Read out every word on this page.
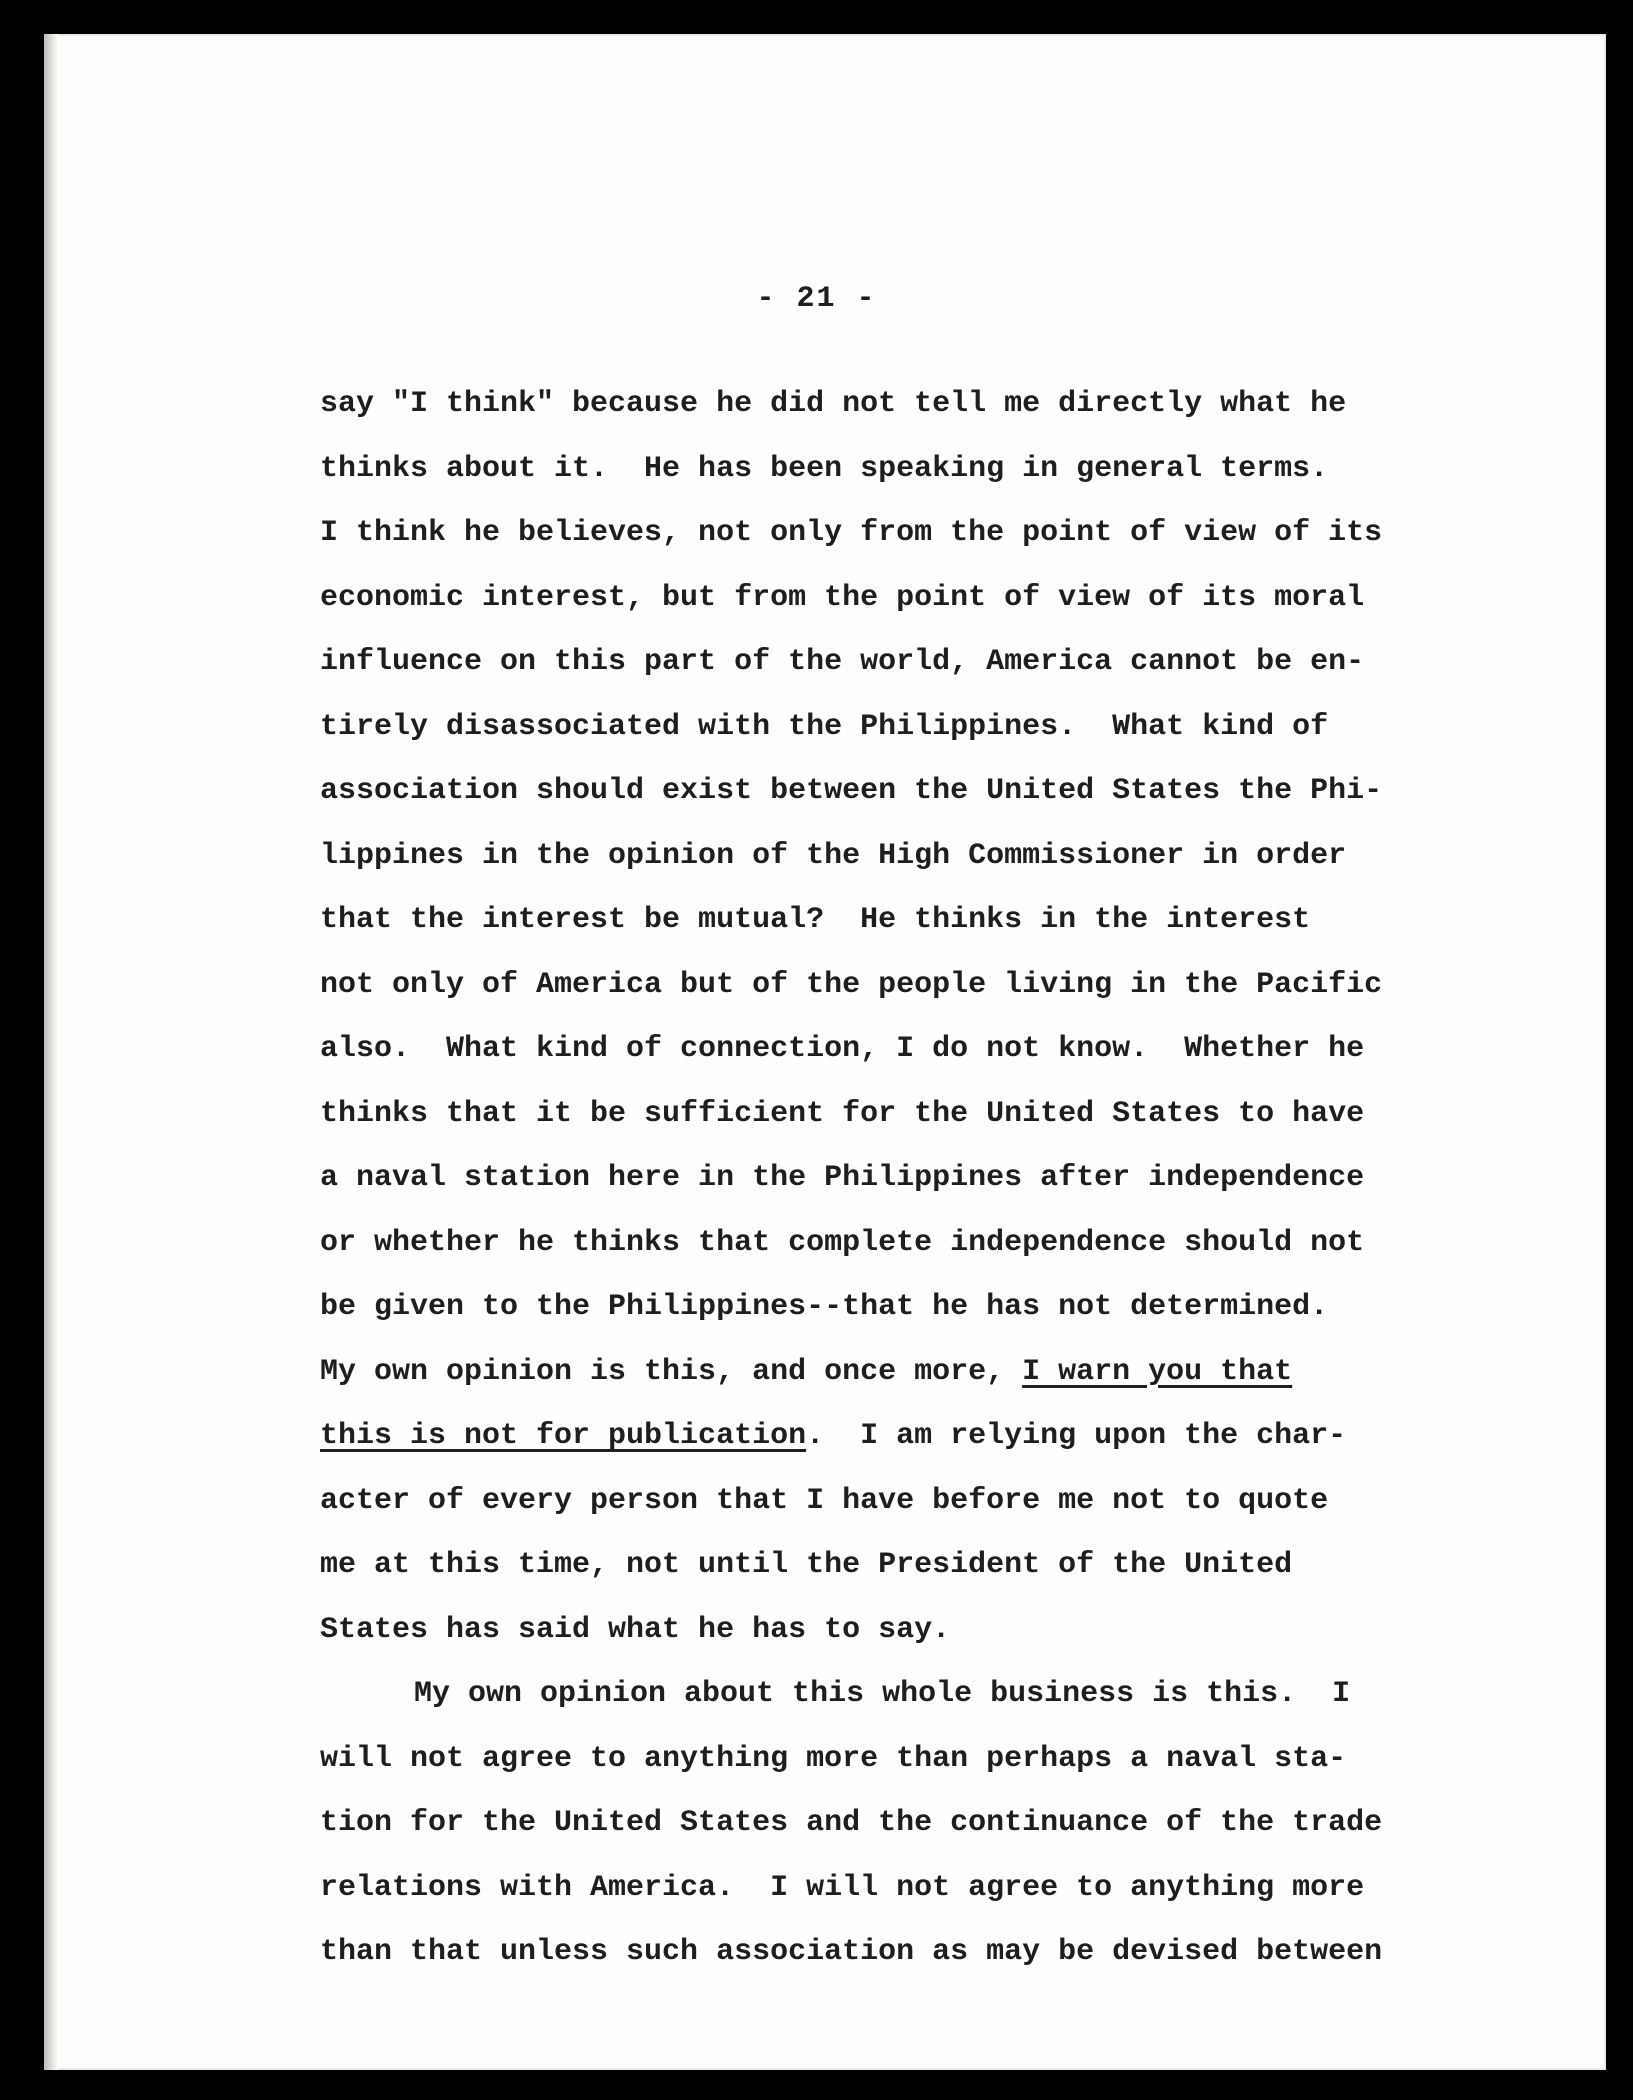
- 21 -
say "I think" because he did not tell me directly what he
thinks about it.  He has been speaking in general terms.
I think he believes, not only from the point of view of its
economic interest, but from the point of view of its moral
influence on this part of the world, America cannot be en-
tirely disassociated with the Philippines.  What kind of
association should exist between the United States the Phi-
lippines in the opinion of the High Commissioner in order
that the interest be mutual?  He thinks in the interest
not only of America but of the people living in the Pacific
also.  What kind of connection, I do not know.  Whether he
thinks that it be sufficient for the United States to have
a naval station here in the Philippines after independence
or whether he thinks that complete independence should not
be given to the Philippines--that he has not determined.
My own opinion is this, and once more, I warn you that
this is not for publication.  I am relying upon the char-
acter of every person that I have before me not to quote
me at this time, not until the President of the United
States has said what he has to say.
My own opinion about this whole business is this.  I
will not agree to anything more than perhaps a naval sta-
tion for the United States and the continuance of the trade
relations with America.  I will not agree to anything more
than that unless such association as may be devised between
